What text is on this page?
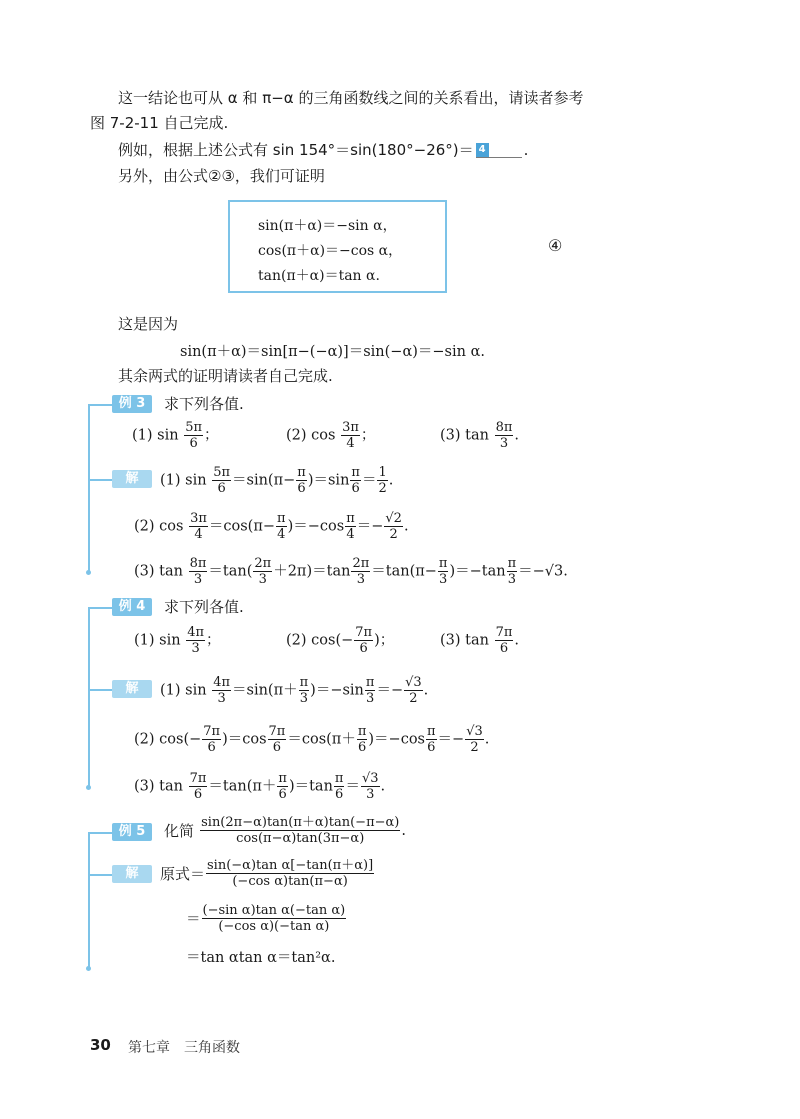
这一结论也可从 α 和 π−α 的三角函数线之间的关系看出，请读者参考
图 7-2-11 自己完成.
例如，根据上述公式有 sin 154°＝sin(180°−26°)＝ 4	.
另外，由公式②③，我们可证明
sin(π＋α)＝−sin α，
cos(π＋α)＝−cos α，
tan(π＋α)＝tan α.
④
这是因为
sin(π＋α)＝sin[π−(−α)]＝sin(−α)＝−sin α.
其余两式的证明请读者自己完成.
例 3	求下列各值.
(1) $\sin \frac{5\pi}{6}$ ；	(2) $\cos \frac{3\pi}{4}$ ；	(3) $\tan \frac{8\pi}{3}$ .
解	(1) $\sin \frac{5\pi}{6} =\sin(\pi- \frac{\pi}{6} )=\sin \frac{\pi}{6} = \frac{1}{2}$ .
(2) $\cos \frac{3\pi}{4} =\cos(\pi- \frac{\pi}{4} )=-\cos \frac{\pi}{4} =- \frac{√2}{2}$ .
(3) $\tan \frac{8\pi}{3} =\tan( \frac{2\pi}{3} +2\pi)=\tan \frac{2\pi}{3} =\tan(\pi- \frac{\pi}{3} )=-\tan \frac{\pi}{3} =-√3$.
例 4	求下列各值.
(1) $\sin \frac{4\pi}{3}$ ；	(2) $\cos(- \frac{7\pi}{6}$ )；	(3) $\tan \frac{7\pi}{6}$ .
解	(1) $\sin \frac{4\pi}{3} =\sin(\pi+ \frac{\pi}{3} )=-\sin \frac{\pi}{3} =- \frac{√3}{2}$ .
(2) $\cos(- \frac{7\pi}{6} )=\cos \frac{7\pi}{6} =\cos(\pi+ \frac{\pi}{6} )=-\cos \frac{\pi}{6} =- \frac{√3}{2}$ .
(3) $\tan \frac{7\pi}{6} =\tan(\pi+ \frac{\pi}{6} )=\tan \frac{\pi}{6} = \frac{√3}{3}$ .
例 5	化简 $\frac{\sin(2\pi-\alpha)\tan(\pi+\alpha)\tan(-\pi-\alpha)}{\cos(\pi-\alpha)\tan(3\pi-\alpha)}$ .
解	原式＝ $\frac{\text{sin(−α)tan α[−tan(π＋α)]}}{\text{(−cos α)tan(π−α)}}$
＝ $\frac{\text{(−sin α)tan α(−tan α)}}{\text{(−cos α)(−tan α)}}$
＝tan αtan α＝tan²α.
30 第七章　三角函数
